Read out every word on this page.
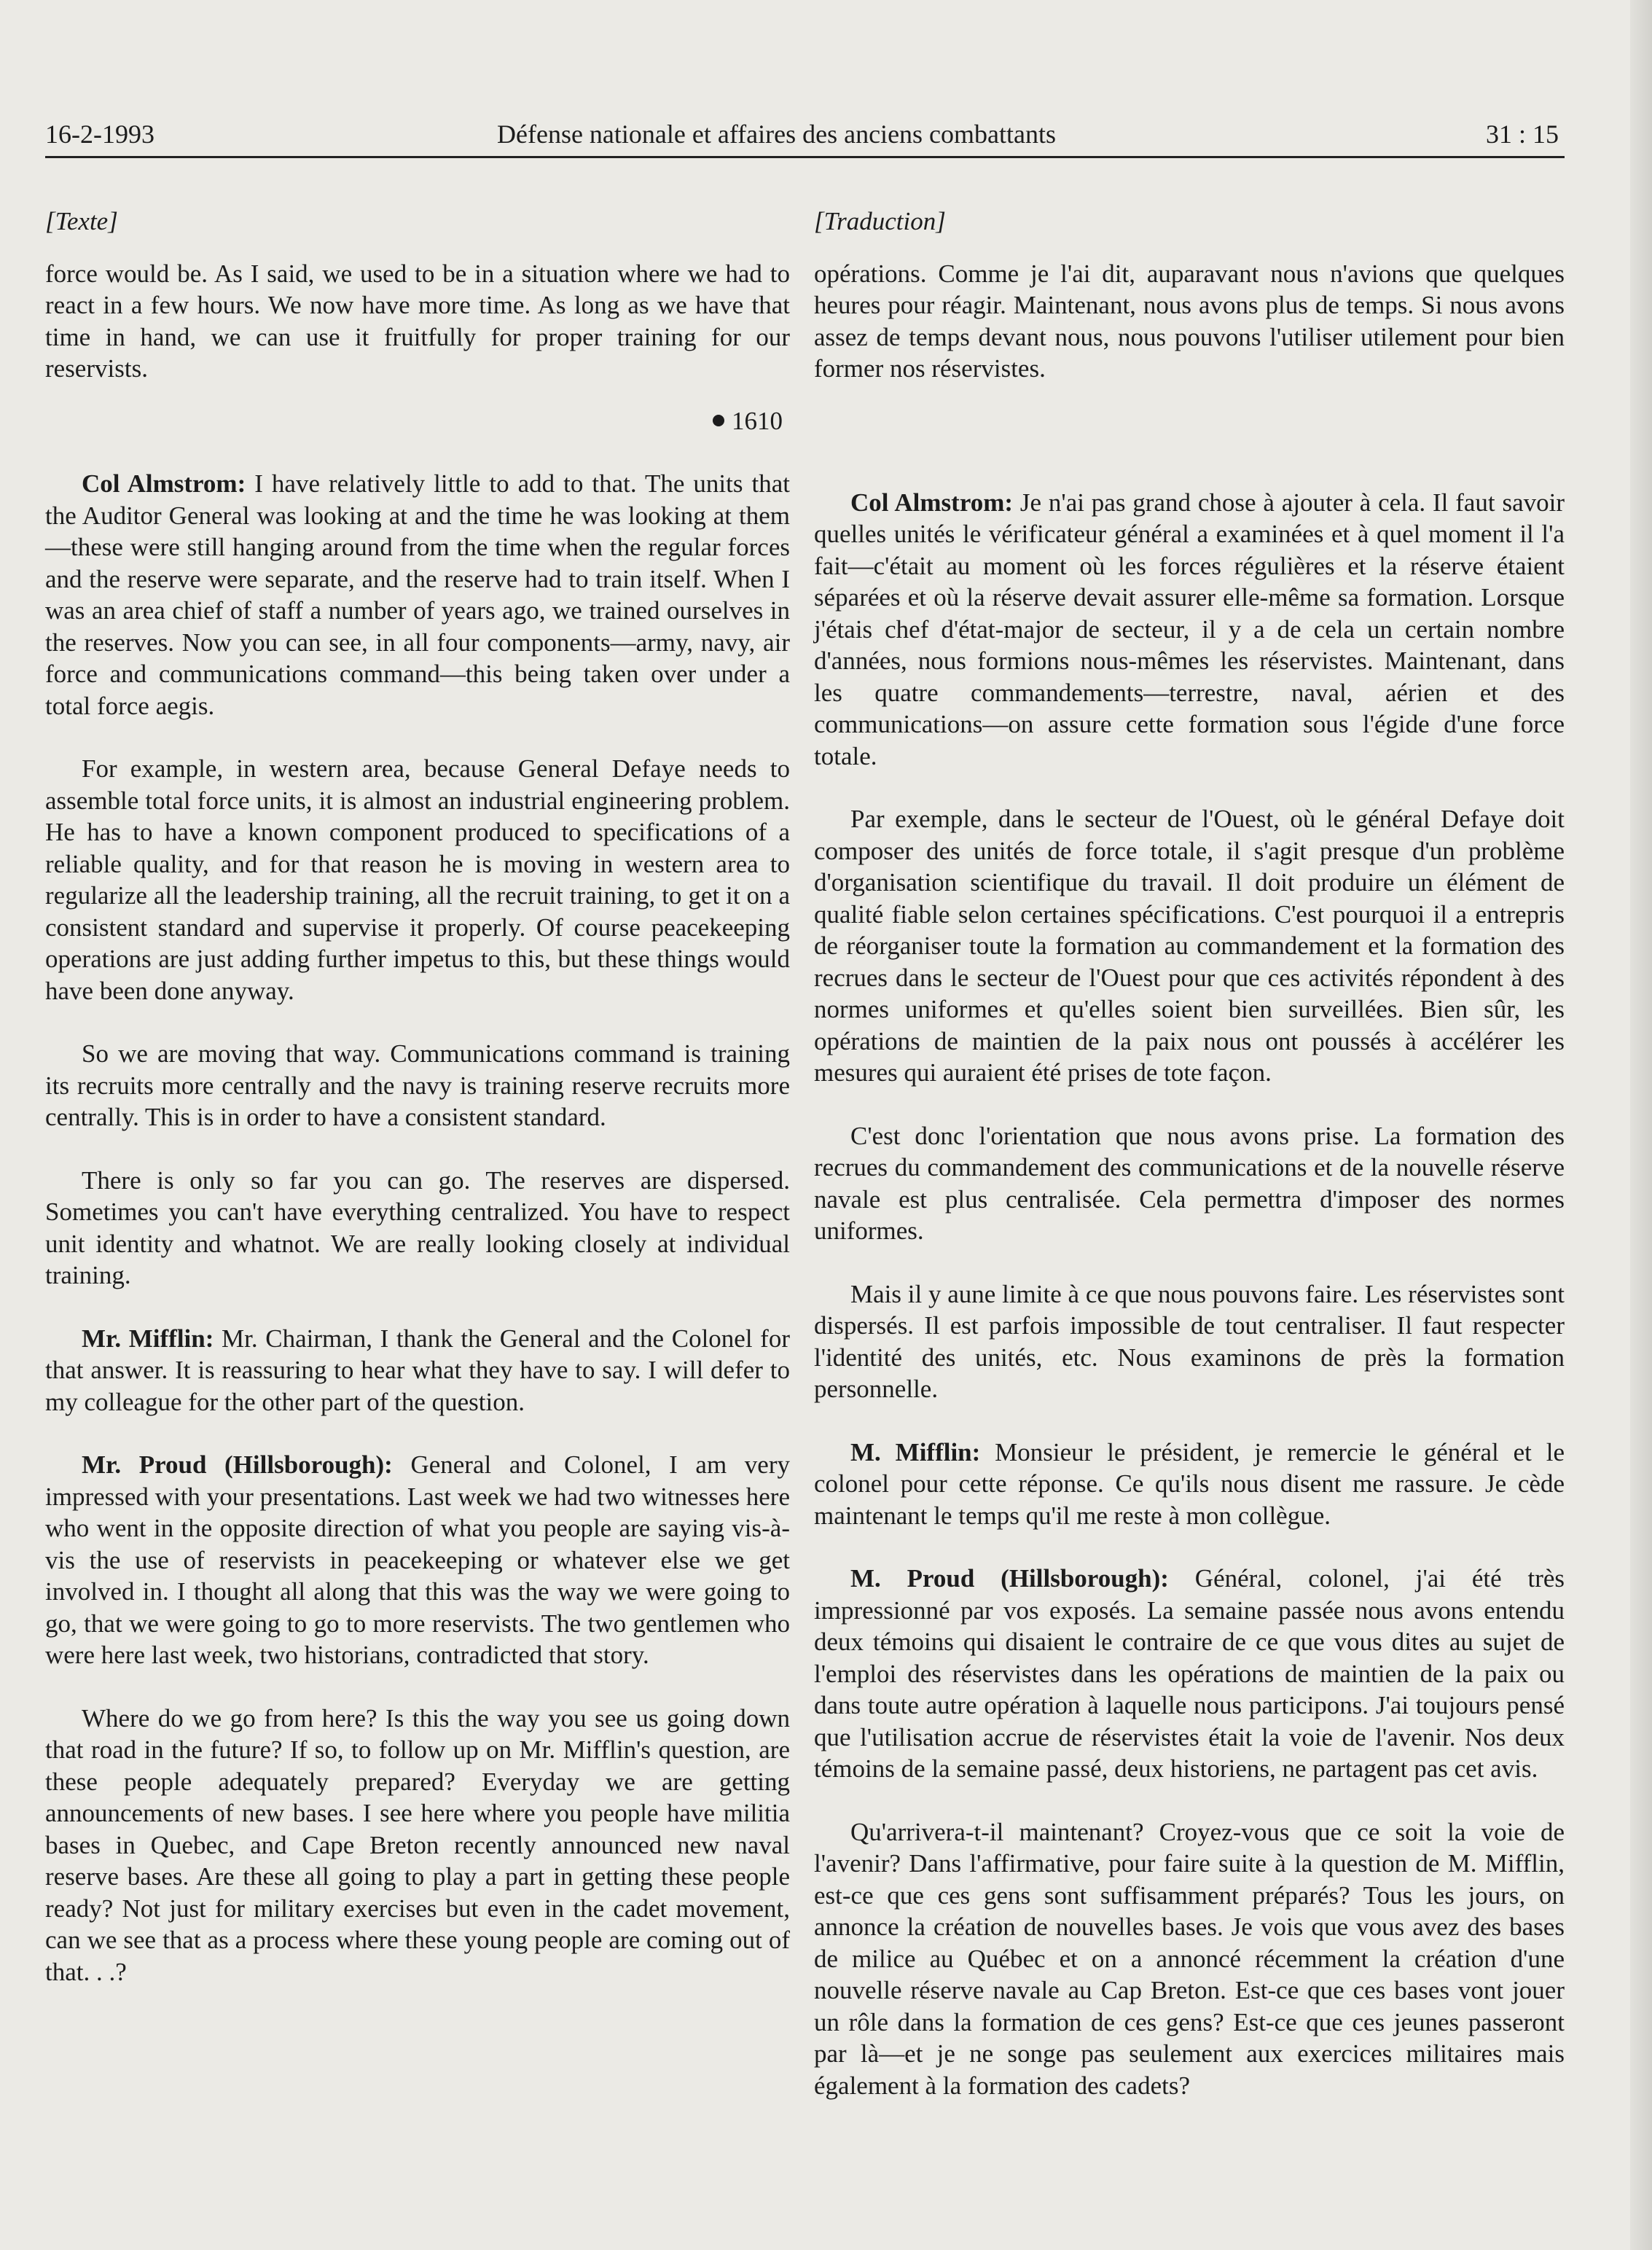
16-2-1993	Défense nationale et affaires des anciens combattants	31 : 15

[Texte]

force would be. As I said, we used to be in a situation where we had to react in a few hours. We now have more time. As long as we have that time in hand, we can use it fruitfully for proper training for our reservists.

1610

Col Almstrom: I have relatively little to add to that. The units that the Auditor General was looking at and the time he was looking at them—these were still hanging around from the time when the regular forces and the reserve were separate, and the reserve had to train itself. When I was an area chief of staff a number of years ago, we trained ourselves in the reserves. Now you can see, in all four components—army, navy, air force and communications command—this being taken over under a total force aegis.

For example, in western area, because General Defaye needs to assemble total force units, it is almost an industrial engineering problem. He has to have a known component produced to specifications of a reliable quality, and for that reason he is moving in western area to regularize all the leadership training, all the recruit training, to get it on a consistent standard and supervise it properly. Of course peacekeeping operations are just adding further impetus to this, but these things would have been done anyway.

So we are moving that way. Communications command is training its recruits more centrally and the navy is training reserve recruits more centrally. This is in order to have a consistent standard.

There is only so far you can go. The reserves are dispersed. Sometimes you can't have everything centralized. You have to respect unit identity and whatnot. We are really looking closely at individual training.

Mr. Mifflin: Mr. Chairman, I thank the General and the Colonel for that answer. It is reassuring to hear what they have to say. I will defer to my colleague for the other part of the question.

Mr. Proud (Hillsborough): General and Colonel, I am very impressed with your presentations. Last week we had two witnesses here who went in the opposite direction of what you people are saying vis-à-vis the use of reservists in peacekeeping or whatever else we get involved in. I thought all along that this was the way we were going to go, that we were going to go to more reservists. The two gentlemen who were here last week, two historians, contradicted that story.

Where do we go from here? Is this the way you see us going down that road in the future? If so, to follow up on Mr. Mifflin's question, are these people adequately prepared? Everyday we are getting announcements of new bases. I see here where you people have militia bases in Quebec, and Cape Breton recently announced new naval reserve bases. Are these all going to play a part in getting these people ready? Not just for military exercises but even in the cadet movement, can we see that as a process where these young people are coming out of that. . .?

[Traduction]

opérations. Comme je l'ai dit, auparavant nous n'avions que quelques heures pour réagir. Maintenant, nous avons plus de temps. Si nous avons assez de temps devant nous, nous pouvons l'utiliser utilement pour bien former nos réservistes.

Col Almstrom: Je n'ai pas grand chose à ajouter à cela. Il faut savoir quelles unités le vérificateur général a examinées et à quel moment il l'a fait—c'était au moment où les forces régulières et la réserve étaient séparées et où la réserve devait assurer elle-même sa formation. Lorsque j'étais chef d'état-major de secteur, il y a de cela un certain nombre d'années, nous formions nous-mêmes les réservistes. Maintenant, dans les quatre commandements—terrestre, naval, aérien et des communications—on assure cette formation sous l'égide d'une force totale.

Par exemple, dans le secteur de l'Ouest, où le général Defaye doit composer des unités de force totale, il s'agit presque d'un problème d'organisation scientifique du travail. Il doit produire un élément de qualité fiable selon certaines spécifications. C'est pourquoi il a entrepris de réorganiser toute la formation au commandement et la formation des recrues dans le secteur de l'Ouest pour que ces activités répondent à des normes uniformes et qu'elles soient bien surveillées. Bien sûr, les opérations de maintien de la paix nous ont poussés à accélérer les mesures qui auraient été prises de tote façon.

C'est donc l'orientation que nous avons prise. La formation des recrues du commandement des communications et de la nouvelle réserve navale est plus centralisée. Cela permettra d'imposer des normes uniformes.

Mais il y aune limite à ce que nous pouvons faire. Les réservistes sont dispersés. Il est parfois impossible de tout centraliser. Il faut respecter l'identité des unités, etc. Nous examinons de près la formation personnelle.

M. Mifflin: Monsieur le président, je remercie le général et le colonel pour cette réponse. Ce qu'ils nous disent me rassure. Je cède maintenant le temps qu'il me reste à mon collègue.

M. Proud (Hillsborough): Général, colonel, j'ai été très impressionné par vos exposés. La semaine passée nous avons entendu deux témoins qui disaient le contraire de ce que vous dites au sujet de l'emploi des réservistes dans les opérations de maintien de la paix ou dans toute autre opération à laquelle nous participons. J'ai toujours pensé que l'utilisation accrue de réservistes était la voie de l'avenir. Nos deux témoins de la semaine passé, deux historiens, ne partagent pas cet avis.

Qu'arrivera-t-il maintenant? Croyez-vous que ce soit la voie de l'avenir? Dans l'affirmative, pour faire suite à la question de M. Mifflin, est-ce que ces gens sont suffisamment préparés? Tous les jours, on annonce la création de nouvelles bases. Je vois que vous avez des bases de milice au Québec et on a annoncé récemment la création d'une nouvelle réserve navale au Cap Breton. Est-ce que ces bases vont jouer un rôle dans la formation de ces gens? Est-ce que ces jeunes passeront par là—et je ne songe pas seulement aux exercices militaires mais également à la formation des cadets?
